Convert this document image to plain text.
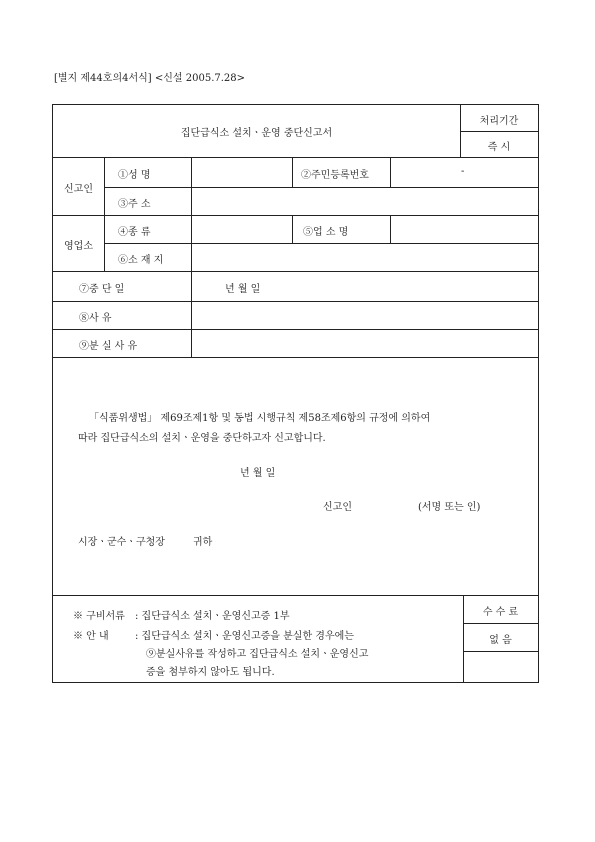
[별지 제44호의4서식] <신설 2005.7.28>
집단급식소 설치ㆍ운영 중단신고서
처리기간
즉 시
신고인
①성 명	②주민등록번호	-
③주 소
영업소
④종 류	⑤업 소 명
⑥소 재 지
⑦중 단 일	년 월 일
⑧사 유
⑨분 실 사 유
「식품위생법」 제69조제1항 및 동법 시행규칙 제58조제6항의 규정에 의하여
따라 집단급식소의 설치ㆍ운영을 중단하고자 신고합니다.
년 월 일
신고인	(서명 또는 인)
시장ㆍ군수ㆍ구청장	귀하
※ 구비서류 : 집단급식소 설치ㆍ운영신고증 1부
※ 안 내	: 집단급식소 설치ㆍ운영신고증을 분실한 경우에는
⑨분실사유를 작성하고 집단급식소 설치ㆍ운영신고
증을 첨부하지 않아도 됩니다.
수 수 료
없 음
